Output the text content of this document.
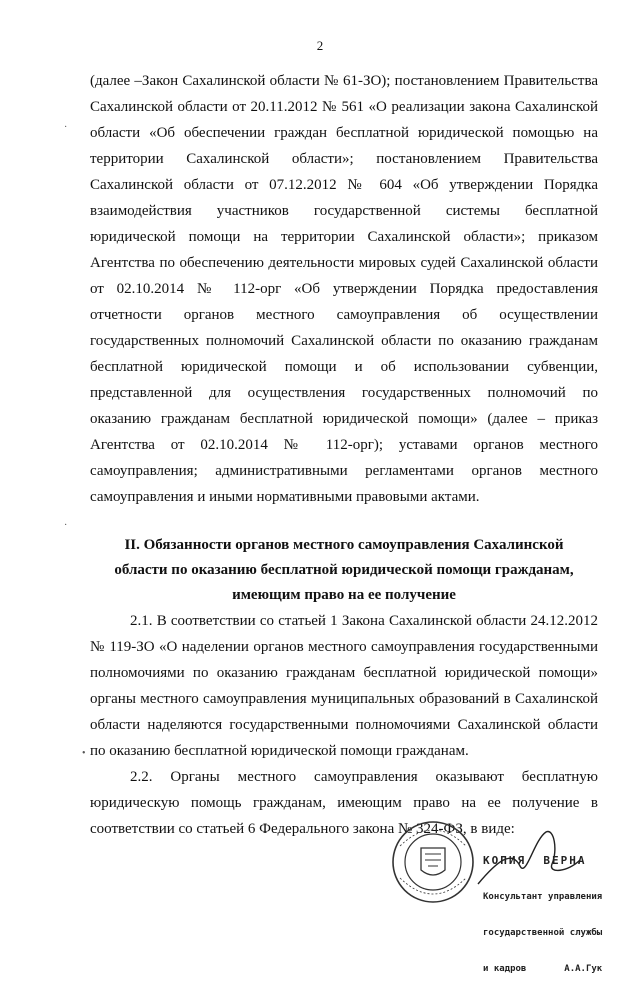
2
(далее –Закон Сахалинской области № 61-ЗО); постановлением Правительства
Сахалинской области от 20.11.2012 № 561 «О реализации закона Сахалинской
области «Об обеспечении граждан бесплатной юридической помощью на
территории Сахалинской области»; постановлением Правительства
Сахалинской области от 07.12.2012 № 604 «Об утверждении Порядка
взаимодействия участников государственной системы бесплатной
юридической помощи на территории Сахалинской области»; приказом
Агентства по обеспечению деятельности мировых судей Сахалинской области
от 02.10.2014 № 112-орг «Об утверждении Порядка предоставления
отчетности органов местного самоуправления об осуществлении
государственных полномочий Сахалинской области по оказанию гражданам
бесплатной юридической помощи и об использовании субвенции,
представленной для осуществления государственных полномочий по
оказанию гражданам бесплатной юридической помощи» (далее – приказ
Агентства от 02.10.2014 № 112-орг); уставами органов местного
самоуправления; административными регламентами органов местного
самоуправления и иными нормативными правовыми актами.
II. Обязанности органов местного самоуправления Сахалинской
области по оказанию бесплатной юридической помощи гражданам,
имеющим право на ее получение
2.1. В соответствии со статьей 1 Закона Сахалинской области 24.12.2012
№ 119-ЗО «О наделении органов местного самоуправления государственными
полномочиями по оказанию гражданам бесплатной юридической помощи»
органы местного самоуправления муниципальных образований в Сахалинской
области наделяются государственными полномочиями Сахалинской области
по оказанию бесплатной юридической помощи гражданам.
2.2. Органы местного самоуправления оказывают бесплатную
юридическую помощь гражданам, имеющим право на ее получение в
соответствии со статьей 6 Федерального закона № 324-ФЗ, в виде:
·
·
•

КОПИЯ  ВЕРНА

Консультант управления

государственной службы

и кадров       А.А.Гук
